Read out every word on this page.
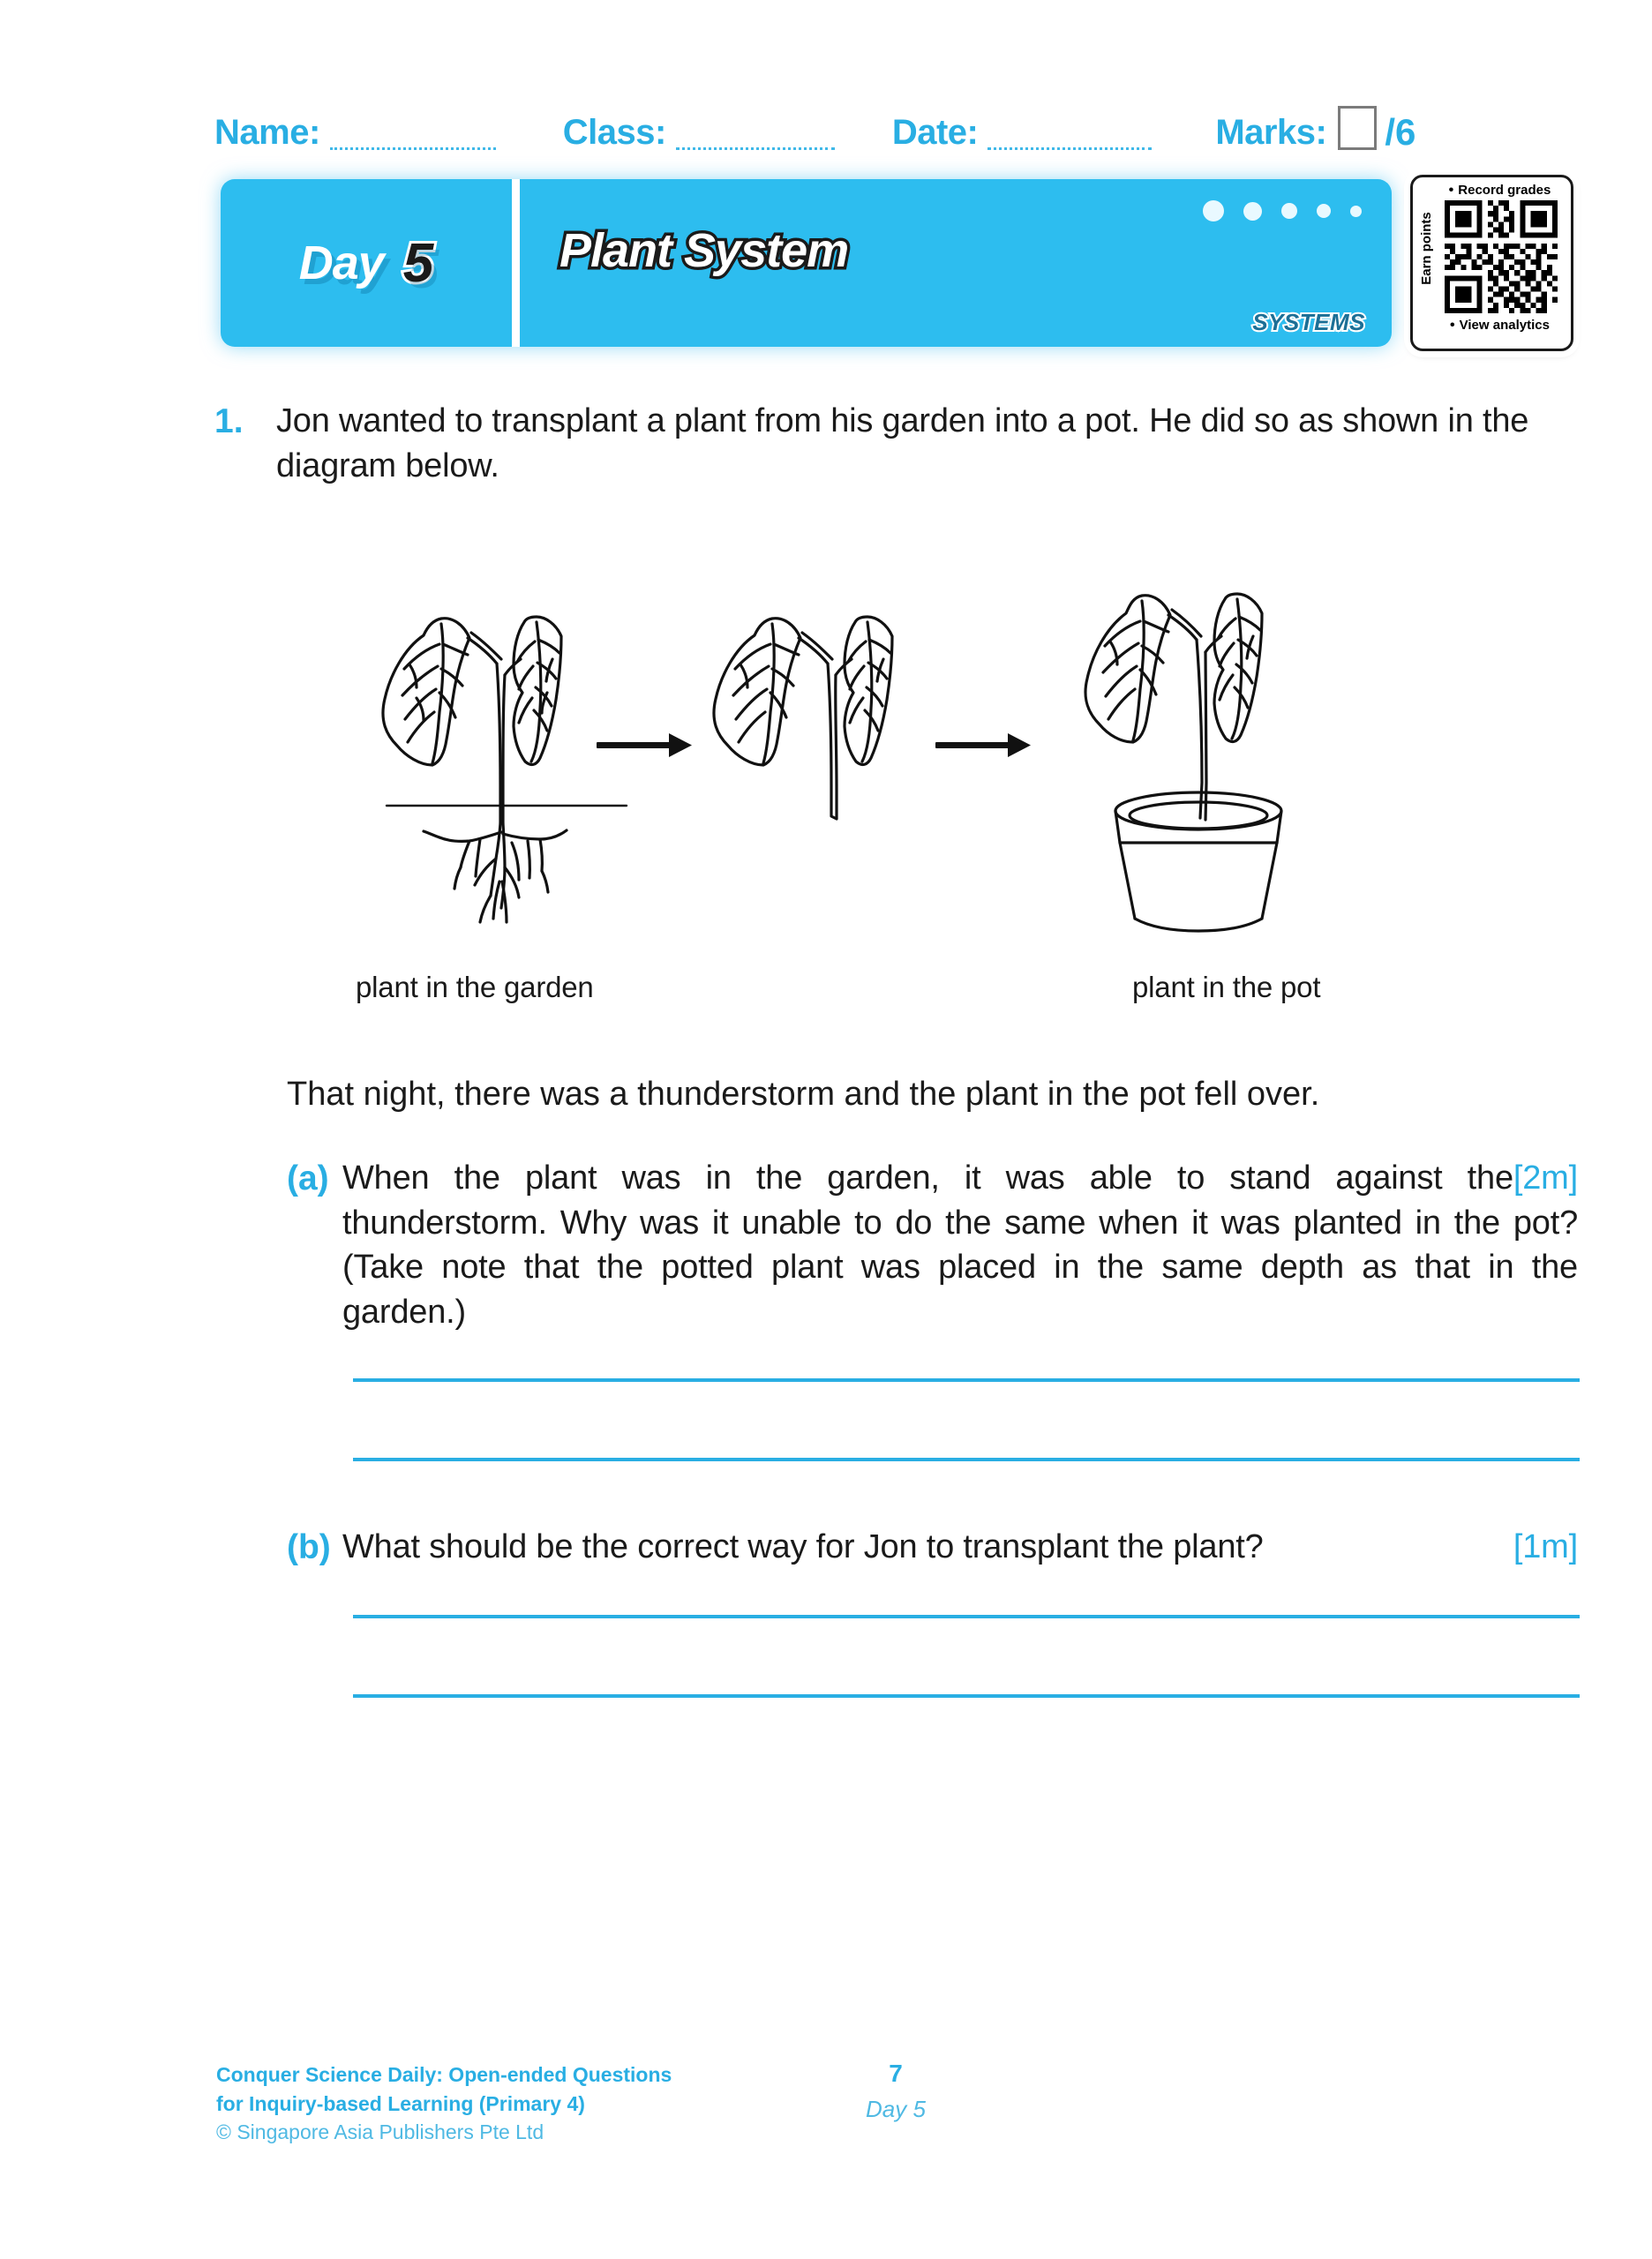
Name:	Class:	Date:	Marks: /6
Day 5	Plant System
SYSTEMS
• Record grades
Earn points
• View analytics
1. Jon wanted to transplant a plant from his garden into a pot. He did so as shown in the diagram below.
plant in the garden	plant in the pot
That night, there was a thunderstorm and the plant in the pot fell over.
(a)	[2m]
When the plant was in the garden, it was able to stand against the thunderstorm. Why was it unable to do the same when it was planted in the pot? (Take note that the potted plant was placed in the same depth as that in the garden.)
(b) What should be the correct way for Jon to transplant the plant?	[1m]
Conquer Science Daily: Open-ended Questions
for Inquiry-based Learning (Primary 4)
© Singapore Asia Publishers Pte Ltd
7
Day 5
